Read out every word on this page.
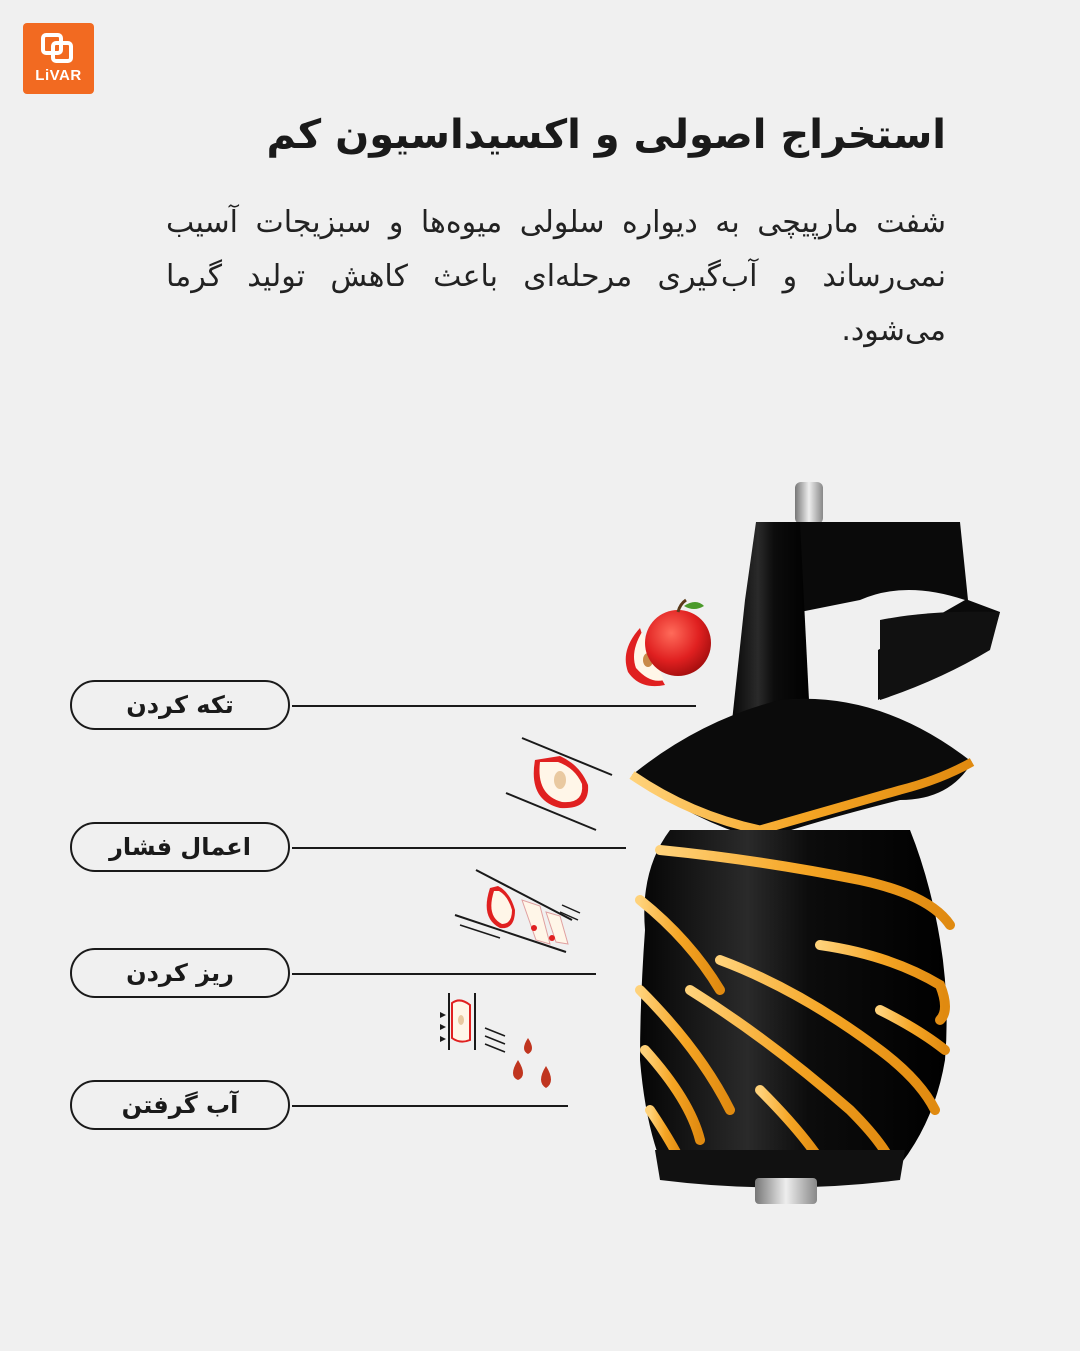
LiVAR
استخراج اصولی و اکسیداسیون کم

شفت مارپیچی به دیواره سلولی میوه‌ها و سبزیجات آسیب نمی‌رساند و آب‌گیری مرحله‌ای باعث کاهش تولید گرما می‌شود.

تکه کردن
اعمال فشار
ریز کردن
آب گرفتن
